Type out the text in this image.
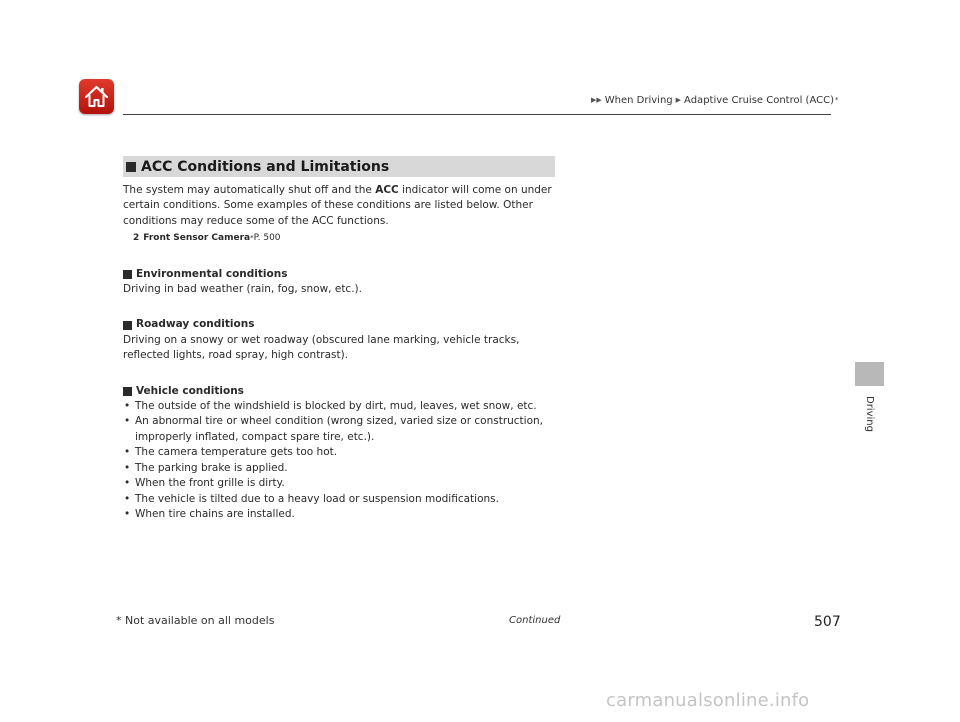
▶ ▶ When Driving ▶ Adaptive Cruise Control (ACC) *
ACC Conditions and Limitations

The system may automatically shut off and the ACC indicator will come on under certain conditions. Some examples of these conditions are listed below. Other conditions may reduce some of the ACC functions.

2 Front Sensor Camera * P. 500
Environmental conditions

Driving in bad weather (rain, fog, snow, etc.).

Roadway conditions

Driving on a snowy or wet roadway (obscured lane marking, vehicle tracks, reflected lights, road spray, high contrast).

Vehicle conditions
• The outside of the windshield is blocked by dirt, mud, leaves, wet snow, etc.
• An abnormal tire or wheel condition (wrong sized, varied size or construction, improperly inflated, compact spare tire, etc.).
• The camera temperature gets too hot.
• The parking brake is applied.
• When the front grille is dirty.
• The vehicle is tilted due to a heavy load or suspension modifications.
• When tire chains are installed.
Driving
* Not available on all models	Continued	507
carmanualsonline.info
